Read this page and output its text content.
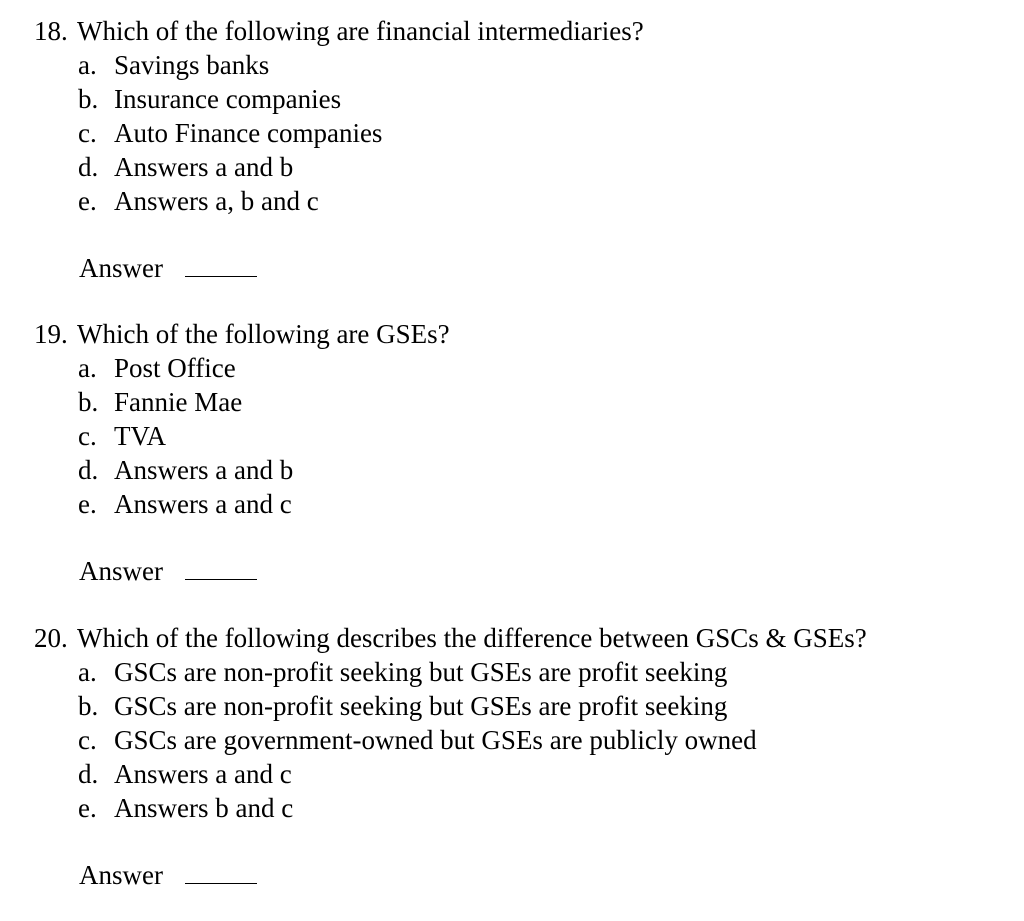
18. Which of the following are financial intermediaries?
a. Savings banks
b. Insurance companies
c. Auto Finance companies
d. Answers a and b
e. Answers a, b and c
Answer
19. Which of the following are GSEs?
a. Post Office
b. Fannie Mae
c. TVA
d. Answers a and b
e. Answers a and c
Answer
20. Which of the following describes the difference between GSCs & GSEs?
a. GSCs are non-profit seeking but GSEs are profit seeking
b. GSCs are non-profit seeking but GSEs are profit seeking
c. GSCs are government-owned but GSEs are publicly owned
d. Answers a and c
e. Answers b and c
Answer
